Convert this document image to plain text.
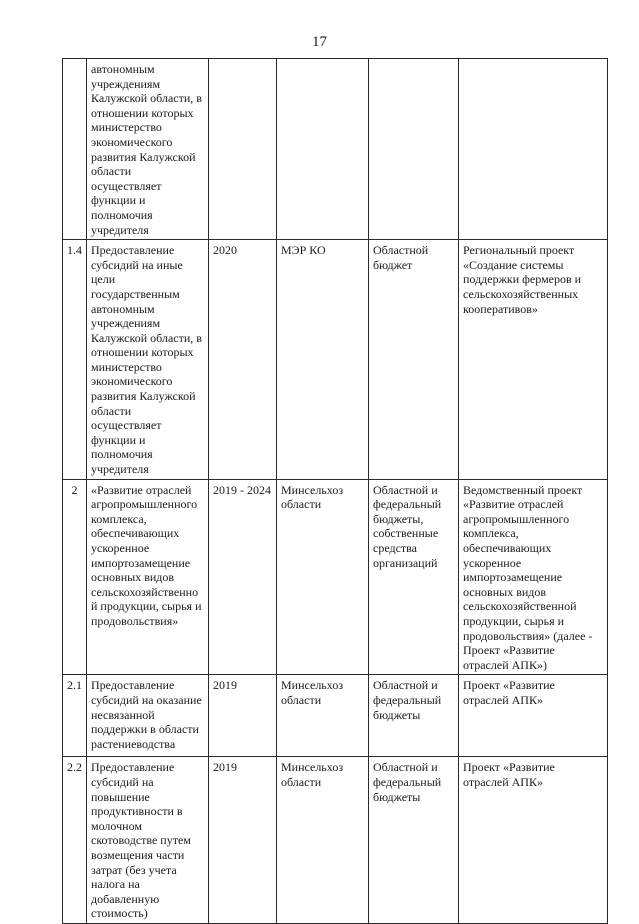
17
	автономным учреждениям Калужской области, в отношении которых министерство экономического развития Калужской области осуществляет функции и полномочия учредителя				
1.4	Предоставление субсидий на иные цели государственным автономным учреждениям Калужской области, в отношении которых министерство экономического развития Калужской области осуществляет функции и полномочия учредителя	2020	МЭР КО	Областной бюджет	Региональный проект «Создание системы поддержки фермеров и сельскохозяйственных кооперативов»
2	«Развитие отраслей агропромышленного комплекса, обеспечивающих ускоренное импортозамещение основных видов сельскохозяйственной продукции, сырья и продовольствия»	2019 - 2024	Минсельхоз области	Областной и федеральный бюджеты, собственные средства организаций	Ведомственный проект «Развитие отраслей агропромышленного комплекса, обеспечивающих ускоренное импортозамещение основных видов сельскохозяйственной продукции, сырья и продовольствия» (далее - Проект «Развитие отраслей АПК»)
2.1	Предоставление субсидий на оказание несвязанной поддержки в области растениеводства	2019	Минсельхоз области	Областной и федеральный бюджеты	Проект «Развитие отраслей АПК»
2.2	Предоставление субсидий на повышение продуктивности в молочном скотоводстве путем возмещения части затрат (без учета налога на добавленную стоимость)	2019	Минсельхоз области	Областной и федеральный бюджеты	Проект «Развитие отраслей АПК»
